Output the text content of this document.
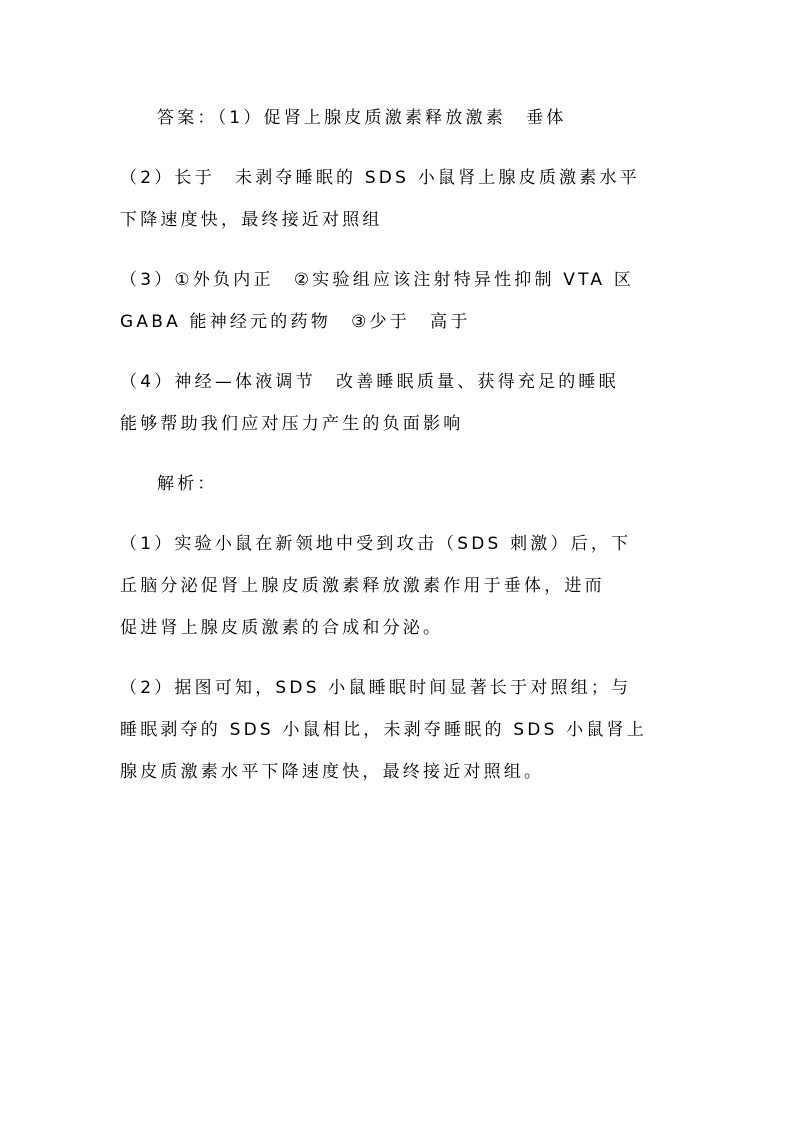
答案：（1）促肾上腺皮质激素释放激素　垂体
（2）长于　未剥夺睡眠的 SDS 小鼠肾上腺皮质激素水平
下降速度快，最终接近对照组
（3）①外负内正　②实验组应该注射特异性抑制 VTA 区
GABA 能神经元的药物　③少于　高于
（4）神经—体液调节　改善睡眠质量、获得充足的睡眠
能够帮助我们应对压力产生的负面影响
解析：
（1）实验小鼠在新领地中受到攻击（SDS 刺激）后，下
丘脑分泌促肾上腺皮质激素释放激素作用于垂体，进而
促进肾上腺皮质激素的合成和分泌。
（2）据图可知，SDS 小鼠睡眠时间显著长于对照组；与
睡眠剥夺的 SDS 小鼠相比，未剥夺睡眠的 SDS 小鼠肾上
腺皮质激素水平下降速度快，最终接近对照组。
